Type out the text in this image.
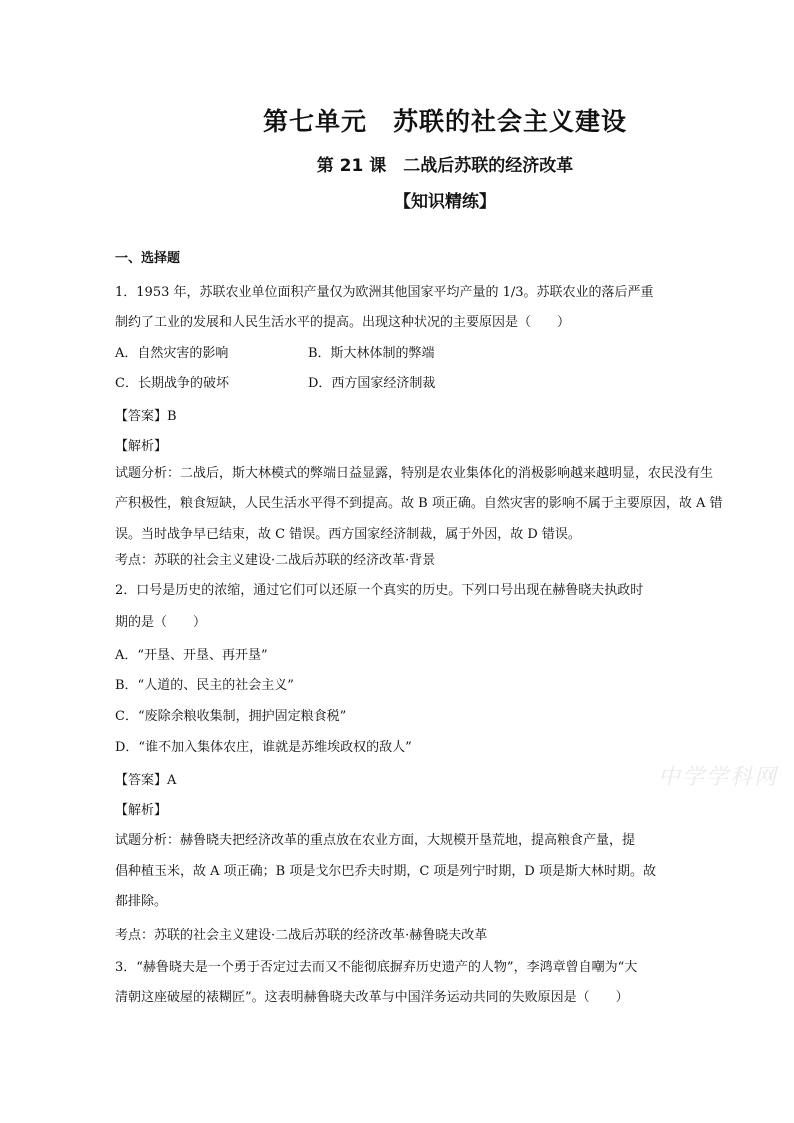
第七单元　苏联的社会主义建设
第 21 课　二战后苏联的经济改革
【知识精练】
一、选择题
1．1953 年，苏联农业单位面积产量仅为欧洲其他国家平均产量的 1/3。苏联农业的落后严重
制约了工业的发展和人民生活水平的提高。出现这种状况的主要原因是（　　）
A．自然灾害的影响	B．斯大林体制的弊端
C．长期战争的破坏	D．西方国家经济制裁
【答案】B
【解析】
试题分析：二战后，斯大林模式的弊端日益显露，特别是农业集体化的消极影响越来越明显，农民没有生
产积极性，粮食短缺，人民生活水平得不到提高。故 B 项正确。自然灾害的影响不属于主要原因，故 A 错
误。当时战争早已结束，故 C 错误。西方国家经济制裁，属于外因，故 D 错误。
考点：苏联的社会主义建设·二战后苏联的经济改革·背景
2．口号是历史的浓缩，通过它们可以还原一个真实的历史。下列口号出现在赫鲁晓夫执政时
期的是（　　）
A．“开垦、开垦、再开垦”
B．“人道的、民主的社会主义”
C．“废除余粮收集制，拥护固定粮食税”
D．“谁不加入集体农庄，谁就是苏维埃政权的敌人”
【答案】A
【解析】
试题分析：赫鲁晓夫把经济改革的重点放在农业方面，大规模开垦荒地，提高粮食产量，提
倡种植玉米，故 A 项正确；B 项是戈尔巴乔夫时期，C 项是列宁时期，D 项是斯大林时期。故
都排除。
考点：苏联的社会主义建设·二战后苏联的经济改革·赫鲁晓夫改革
3．“赫鲁晓夫是一个勇于否定过去而又不能彻底摒弃历史遗产的人物”，李鸿章曾自嘲为“大
清朝这座破屋的裱糊匠”。这表明赫鲁晓夫改革与中国洋务运动共同的失败原因是（　　）
中学学科网
